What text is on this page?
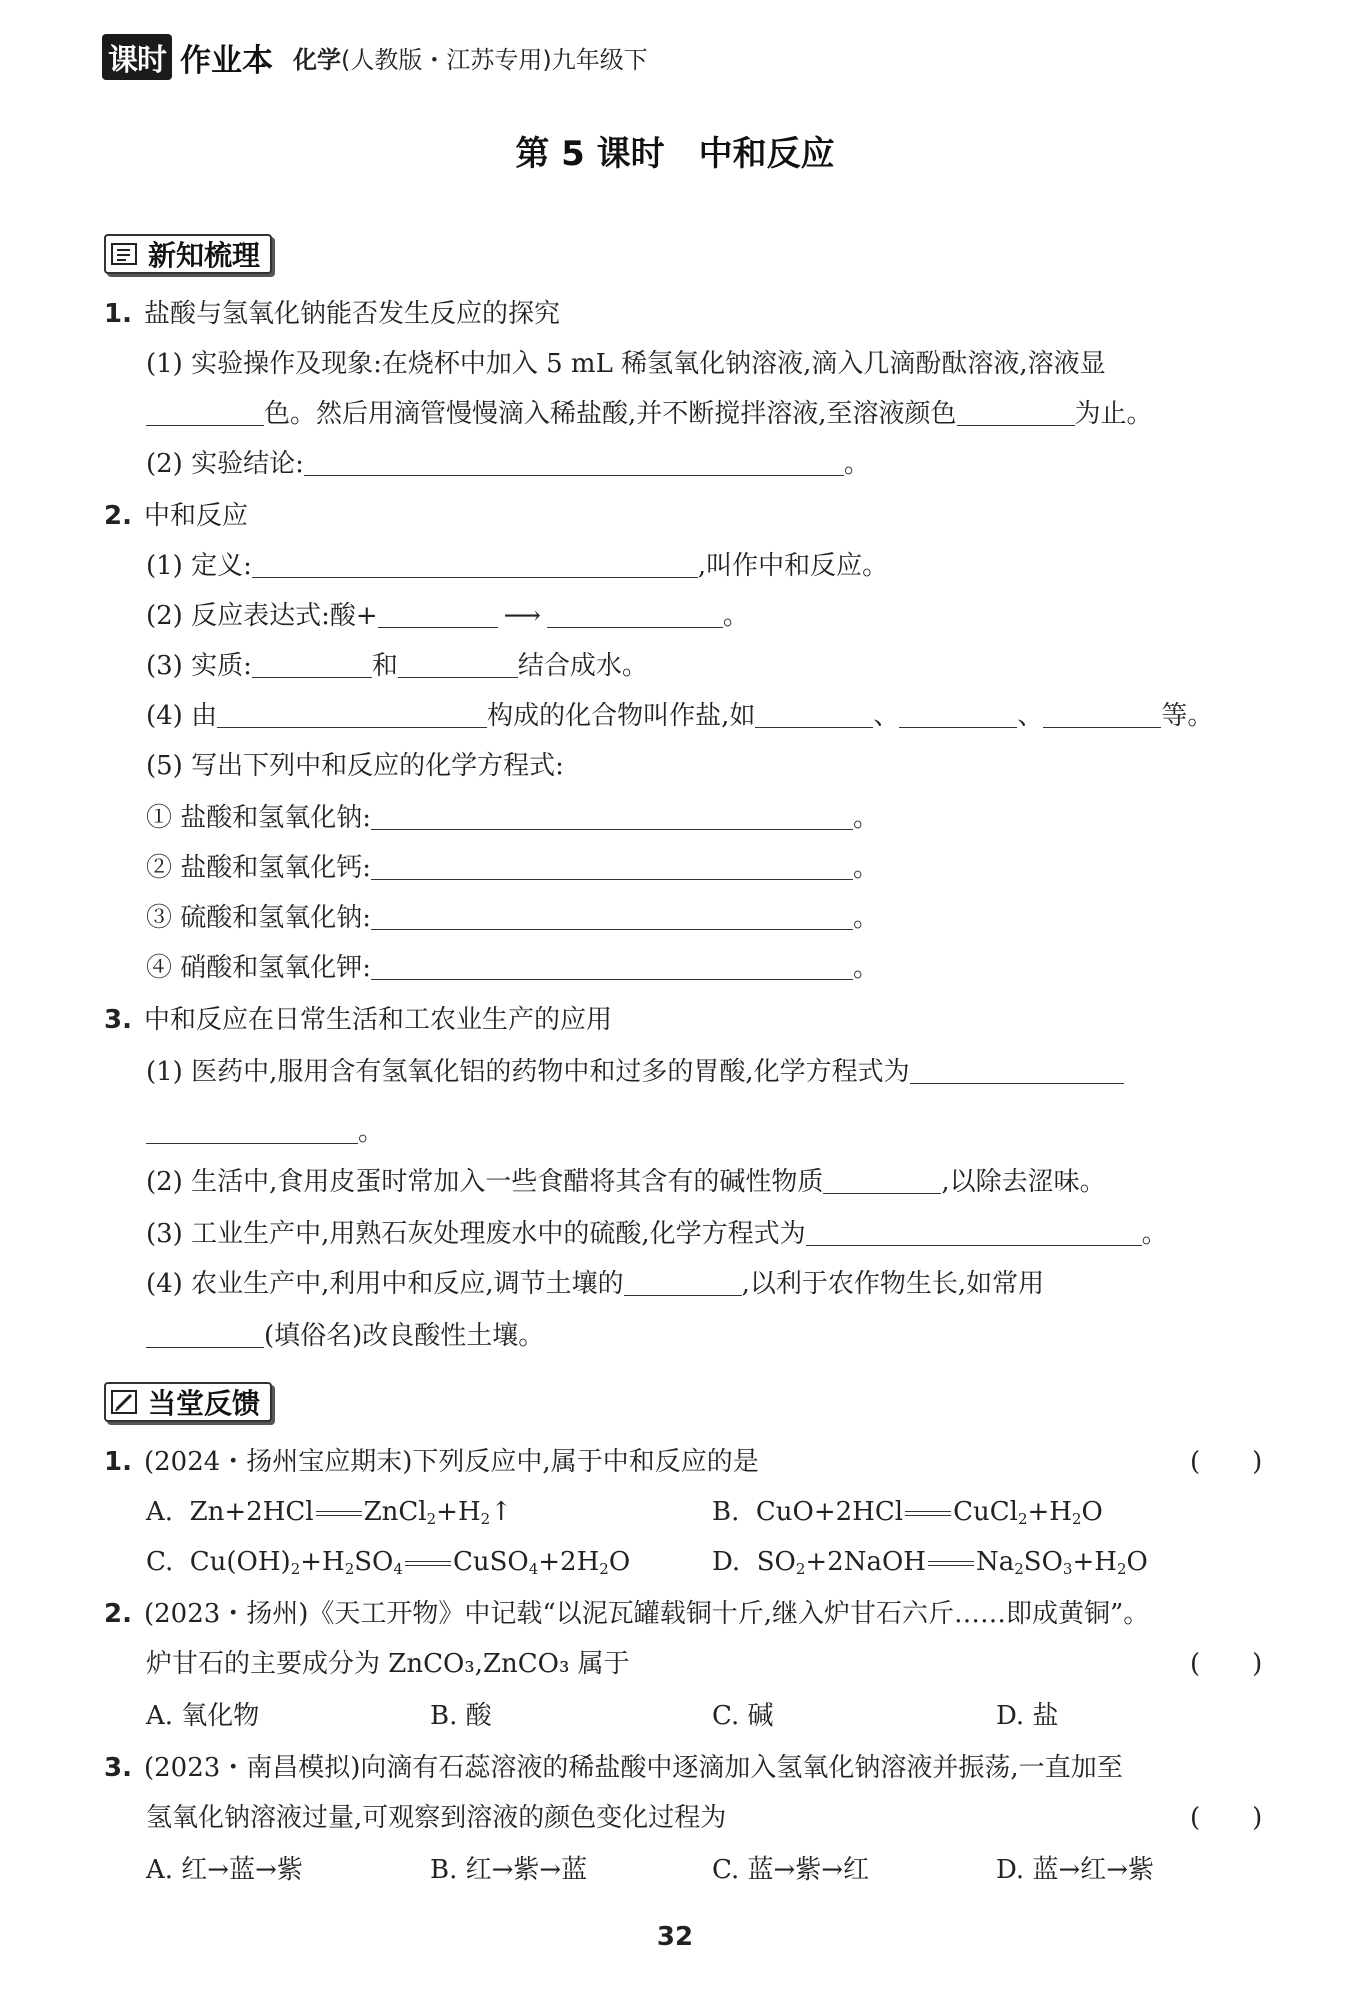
课时 作业本 化学(人教版・江苏专用)九年级下
第 5 课时　中和反应
新知梳理
1. 盐酸与氢氧化钠能否发生反应的探究
(1) 实验操作及现象:在烧杯中加入 5 mL 稀氢氧化钠溶液,滴入几滴酚酞溶液,溶液显
色。然后用滴管慢慢滴入稀盐酸,并不断搅拌溶液,至溶液颜色	为止。
(2) 实验结论:	。
2. 中和反应
(1) 定义:	,叫作中和反应。
(2) 反应表达式:酸+	⟶	。
(3) 实质:	和	结合成水。
(4) 由	构成的化合物叫作盐,如	、	、	等。
(5) 写出下列中和反应的化学方程式:
① 盐酸和氢氧化钠:	。
② 盐酸和氢氧化钙:	。
③ 硫酸和氢氧化钠:	。
④ 硝酸和氢氧化钾:	。
3. 中和反应在日常生活和工农业生产的应用
(1) 医药中,服用含有氢氧化铝的药物中和过多的胃酸,化学方程式为
。
(2) 生活中,食用皮蛋时常加入一些食醋将其含有的碱性物质	,以除去涩味。
(3) 工业生产中,用熟石灰处理废水中的硫酸,化学方程式为	。
(4) 农业生产中,利用中和反应,调节土壤的	,以利于农作物生长,如常用
(填俗名)改良酸性土壤。
当堂反馈
1. (2024・扬州宝应期末)下列反应中,属于中和反应的是	(　　)
A.  Zn+2HCl $ZnCl_2+H_2↑$	B.  CuO+2HCl $CuCl_2+H_2O$
C.  $Cu(OH)_2+H_2SO_4$ $CuSO_4+2H_2O$	D.  $SO_2+2NaOH$ $Na_2SO_3+H_2O$
2. (2023・扬州)《天工开物》中记载“以泥瓦罐载铜十斤,继入炉甘石六斤……即成黄铜”。
炉甘石的主要成分为 ZnCO₃,ZnCO₃ 属于	(　　)
A. 氧化物	B. 酸	C. 碱	D. 盐
3. (2023・南昌模拟)向滴有石蕊溶液的稀盐酸中逐滴加入氢氧化钠溶液并振荡,一直加至
氢氧化钠溶液过量,可观察到溶液的颜色变化过程为	(　　)
A. 红→蓝→紫	B. 红→紫→蓝	C. 蓝→紫→红	D. 蓝→红→紫
32
